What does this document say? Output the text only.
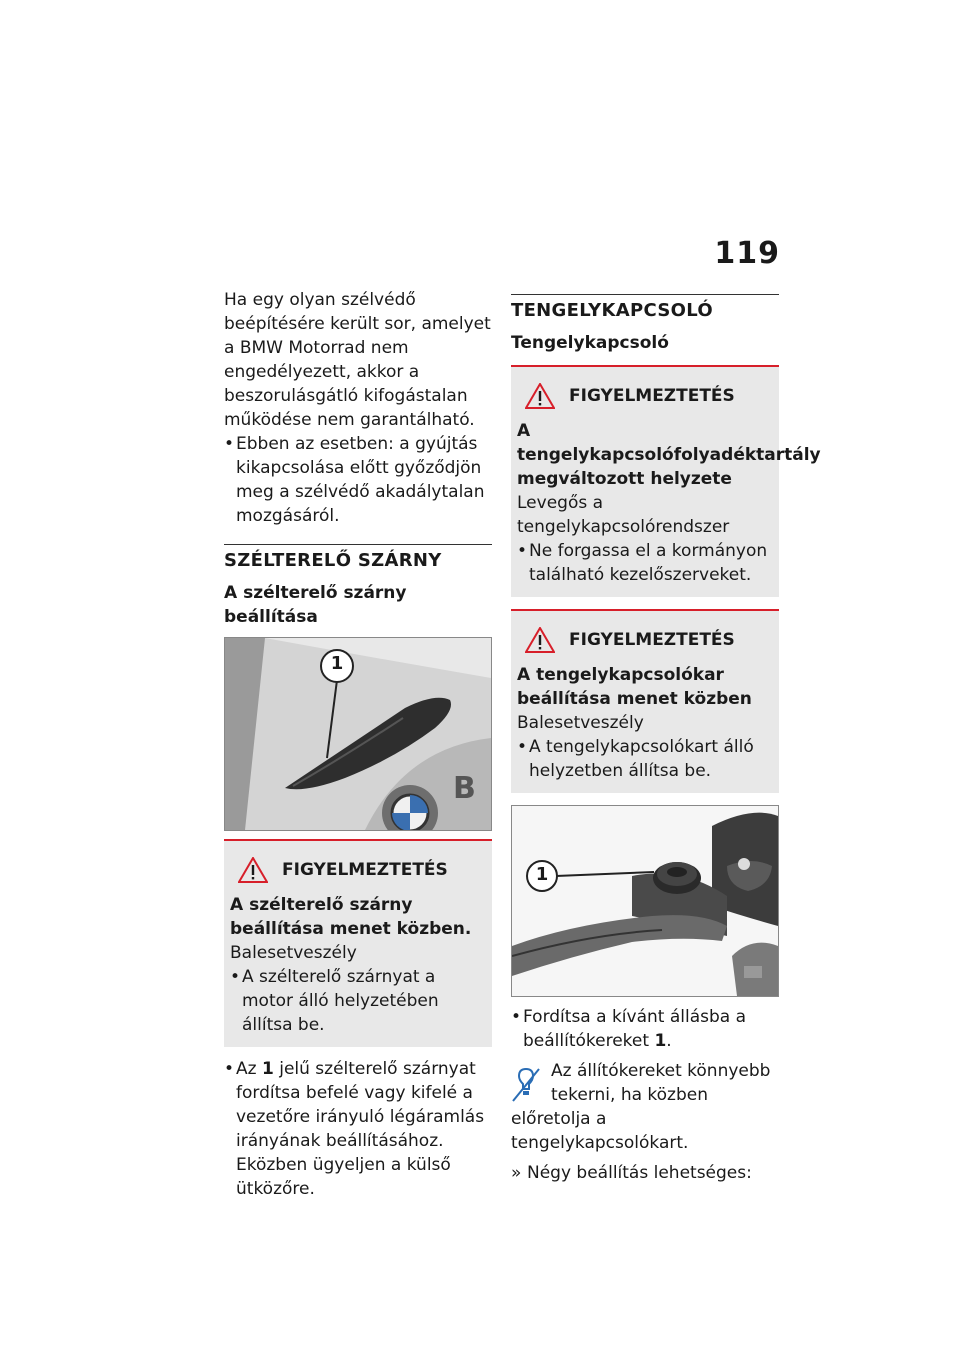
119

Ha egy olyan szélvédő beépítésére került sor, amelyet a BMW Motorrad nem engedélyezett, akkor a beszorulásgátló kifogástalan működése nem garantálható.

• Ebben az esetben: a gyújtás kikapcsolása előtt győződjön meg a szélvédő akadálytalan mozgásáról.
SZÉLTERELŐ SZÁRNY
A szélterelő szárny beállítása
B
1
FIGYELMEZTETÉS
A szélterelő szárny beállítása menet közben.
Balesetveszély
• A szélterelő szárnyat a motor álló helyzetében állítsa be.
• Az 1 jelű szélterelő szárnyat fordítsa befelé vagy kifelé a vezetőre irányuló légáramlás irányának beállításához. Eközben ügyeljen a külső ütközőre.
TENGELYKAPCSOLÓ
Tengelykapcsoló
FIGYELMEZTETÉS
A tengelykapcsolófolyadéktartály megváltozott helyzete
Levegős a tengelykapcsolórendszer
• Ne forgassa el a kormányon található kezelőszerveket.
FIGYELMEZTETÉS
A tengelykapcsolókar beállítása menet közben
Balesetveszély
• A tengelykapcsolókart álló helyzetben állítsa be.
1
• Fordítsa a kívánt állásba a beállítókereket 1.
Az állítókereket könnyebb tekerni, ha közben előretolja a tengelykapcsolókart.
» Négy beállítás lehetséges:
